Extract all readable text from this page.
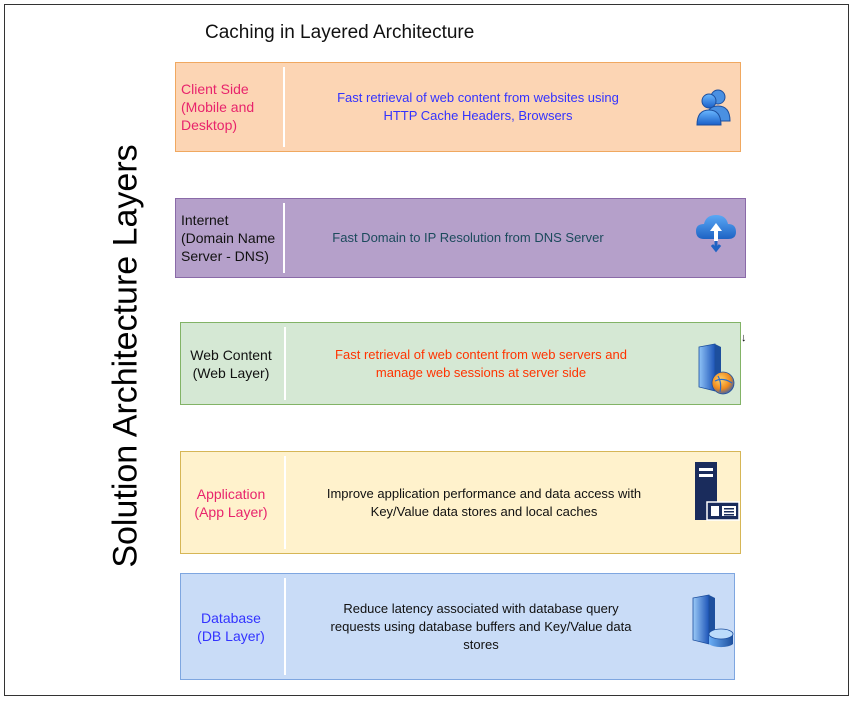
Caching in Layered Architecture
Solution Architecture Layers
Client Side
(Mobile and
Desktop)
Fast retrieval of web content from websites using
HTTP Cache Headers, Browsers
Internet
(Domain Name
Server - DNS)
Fast Domain to IP Resolution from DNS Server
Web Content
(Web Layer)
Fast retrieval of web content from web servers and
manage web sessions at server side
Application
(App Layer)
Improve application performance and data access with
Key/Value data stores and local caches
Database
(DB Layer)
Reduce latency associated with database query
requests using database buffers and Key/Value data
stores
↓
